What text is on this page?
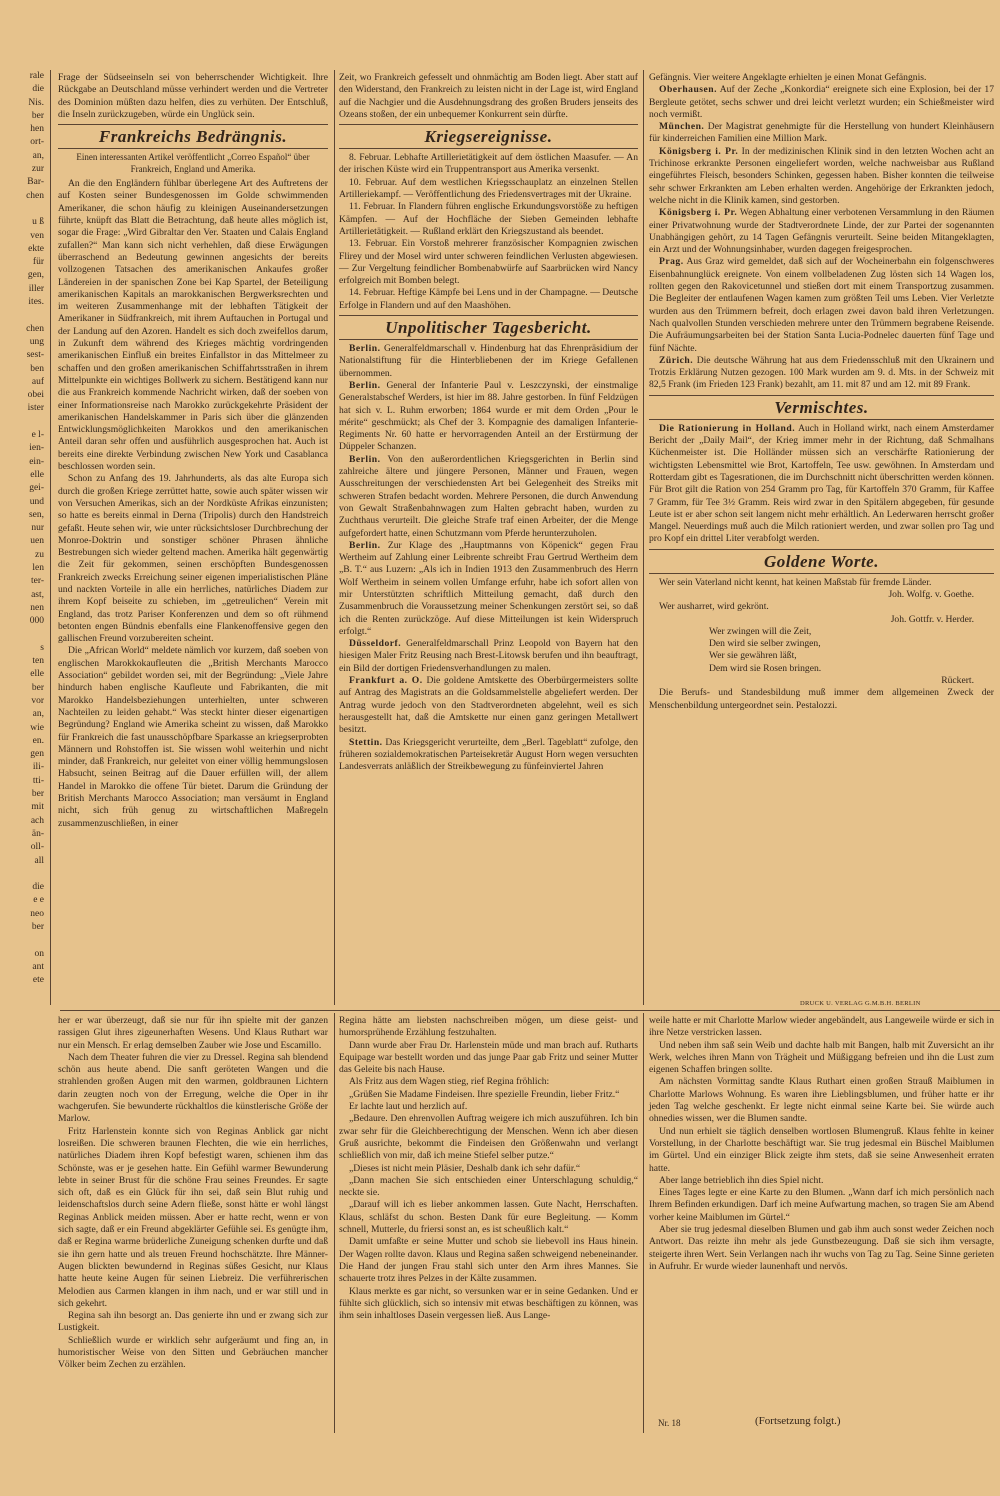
rale
die
Nis.
ber
hen
ort-
an,
zur
Bar-
chen
u ß
ven
ekte
für
gen,
iller
ites.
chen
ung
sest-
ben
auf
obei
ister
e l-
ien-
ein-
elle
gei-
und
sen,
nur
uen
zu
len
ter-
ast,
nen
000
s
ten
elle
ber
vor
an,
wie
en.
gen
ili-
tti-
ber
mit
ach
än-
oll-
all
die
e e
neo
ber
on
ant
ete
DRUCK U. VERLAG G.M.B.H. BERLIN

Frage der Südseeinseln sei von beherrschender Wichtigkeit. Ihre Rückgabe an Deutschland müsse verhindert werden und die Vertreter des Dominion müßten dazu helfen, dies zu verhüten. Der Entschluß, die Inseln zurückzugeben, würde ein Unglück sein.

Frankreichs Bedrängnis.
Einen interessanten Artikel veröffentlicht „Correo Español“ über Frankreich, England und Amerika.

An die den Engländern fühlbar überlegene Art des Auftretens der auf Kosten seiner Bundesgenossen im Golde schwimmenden Amerikaner, die schon häufig zu kleinigen Auseinandersetzungen führte, knüpft das Blatt die Betrachtung, daß heute alles möglich ist, sogar die Frage: „Wird Gibraltar den Ver. Staaten und Calais England zufallen?“ Man kann sich nicht verhehlen, daß diese Erwägungen überraschend an Bedeutung gewinnen angesichts der bereits vollzogenen Tatsachen des amerikanischen Ankaufes großer Ländereien in der spanischen Zone bei Kap Spartel, der Beteiligung amerikanischen Kapitals an marokkanischen Bergwerksrechten und im weiteren Zusammenhange mit der lebhaften Tätigkeit der Amerikaner in Südfrankreich, mit ihrem Auftauchen in Portugal und der Landung auf den Azoren. Handelt es sich doch zweifellos darum, in Zukunft dem während des Krieges mächtig vordringenden amerikanischen Einfluß ein breites Einfallstor in das Mittelmeer zu schaffen und den großen amerikanischen Schiffahrtsstraßen in ihrem Mittelpunkte ein wichtiges Bollwerk zu sichern. Bestätigend kann nur die aus Frankreich kommende Nachricht wirken, daß der soeben von einer Informationsreise nach Marokko zurückgekehrte Präsident der amerikanischen Handelskammer in Paris sich über die glänzenden Entwicklungsmöglichkeiten Marokkos und den amerikanischen Anteil daran sehr offen und ausführlich ausgesprochen hat. Auch ist bereits eine direkte Verbindung zwischen New York und Casablanca beschlossen worden sein.

Schon zu Anfang des 19. Jahrhunderts, als das alte Europa sich durch die großen Kriege zerrüttet hatte, sowie auch später wissen wir von Versuchen Amerikas, sich an der Nordküste Afrikas einzunisten; so hatte es bereits einmal in Derna (Tripolis) durch den Handstreich gefaßt. Heute sehen wir, wie unter rücksichtsloser Durchbrechung der Monroe-Doktrin und sonstiger schöner Phrasen ähnliche Bestrebungen sich wieder geltend machen. Amerika hält gegenwärtig die Zeit für gekommen, seinen erschöpften Bundesgenossen Frankreich zwecks Erreichung seiner eigenen imperialistischen Pläne und nackten Vorteile in alle ein herrliches, natürliches Diadem zur ihrem Kopf beiseite zu schieben, im „getreulichen“ Verein mit England, das trotz Pariser Konferenzen und dem so oft rühmend betonten engen Bündnis ebenfalls eine Flankenoffensive gegen den gallischen Freund vorzubereiten scheint.

Die „African World“ meldete nämlich vor kurzem, daß soeben von englischen Marokkokaufleuten die „British Merchants Marocco Association“ gebildet worden sei, mit der Begründung: „Viele Jahre hindurch haben englische Kaufleute und Fabrikanten, die mit Marokko Handelsbeziehungen unterhielten, unter schweren Nachteilen zu leiden gehabt.“ Was steckt hinter dieser eigenartigen Begründung? England wie Amerika scheint zu wissen, daß Marokko für Frankreich die fast unausschöpfbare Sparkasse an kriegserprobten Männern und Rohstoffen ist. Sie wissen wohl weiterhin und nicht minder, daß Frankreich, nur geleitet von einer völlig hemmungslosen Habsucht, seinen Beitrag auf die Dauer erfüllen will, der allem Handel in Marokko die offene Tür bietet. Darum die Gründung der British Merchants Marocco Association; man versäumt in England nicht, sich früh genug zu wirtschaftlichen Maßregeln zusammenzuschließen, in einer

Zeit, wo Frankreich gefesselt und ohnmächtig am Boden liegt. Aber statt auf den Widerstand, den Frankreich zu leisten nicht in der Lage ist, wird England auf die Nachgier und die Ausdehnungsdrang des großen Bruders jenseits des Ozeans stoßen, der ein unbequemer Konkurrent sein dürfte.

Kriegsereignisse.

8. Februar. Lebhafte Artillerietätigkeit auf dem östlichen Maasufer. — An der irischen Küste wird ein Truppentransport aus Amerika versenkt.

10. Februar. Auf dem westlichen Kriegsschauplatz an einzelnen Stellen Artilleriekampf. — Veröffentlichung des Friedensvertrages mit der Ukraine.

11. Februar. In Flandern führen englische Erkundungsvorstöße zu heftigen Kämpfen. — Auf der Hochfläche der Sieben Gemeinden lebhafte Artillerietätigkeit. — Rußland erklärt den Kriegszustand als beendet.

13. Februar. Ein Vorstoß mehrerer französischer Kompagnien zwischen Flirey und der Mosel wird unter schweren feindlichen Verlusten abgewiesen. — Zur Vergeltung feindlicher Bombenabwürfe auf Saarbrücken wird Nancy erfolgreich mit Bomben belegt.

14. Februar. Heftige Kämpfe bei Lens und in der Champagne. — Deutsche Erfolge in Flandern und auf den Maashöhen.

Unpolitischer Tagesbericht.

Berlin. Generalfeldmarschall v. Hindenburg hat das Ehrenpräsidium der Nationalstiftung für die Hinterbliebenen der im Kriege Gefallenen übernommen.

Berlin. General der Infanterie Paul v. Leszczynski, der einstmalige Generalstabschef Werders, ist hier im 88. Jahre gestorben. In fünf Feldzügen hat sich v. L. Ruhm erworben; 1864 wurde er mit dem Orden „Pour le mérite“ geschmückt; als Chef der 3. Kompagnie des damaligen Infanterie-Regiments Nr. 60 hatte er hervorragenden Anteil an der Erstürmung der Düppeler Schanzen.

Berlin. Von den außerordentlichen Kriegsgerichten in Berlin sind zahlreiche ältere und jüngere Personen, Männer und Frauen, wegen Ausschreitungen der verschiedensten Art bei Gelegenheit des Streiks mit schweren Strafen bedacht worden. Mehrere Personen, die durch Anwendung von Gewalt Straßenbahnwagen zum Halten gebracht haben, wurden zu Zuchthaus verurteilt. Die gleiche Strafe traf einen Arbeiter, der die Menge aufgefordert hatte, einen Schutzmann vom Pferde herunterzuholen.

Berlin. Zur Klage des „Hauptmanns von Köpenick“ gegen Frau Wertheim auf Zahlung einer Leibrente schreibt Frau Gertrud Wertheim dem „B. T.“ aus Luzern: „Als ich in Indien 1913 den Zusammenbruch des Herrn Wolf Wertheim in seinem vollen Umfange erfuhr, habe ich sofort allen von mir Unterstützten schriftlich Mitteilung gemacht, daß durch den Zusammenbruch die Voraussetzung meiner Schenkungen zerstört sei, so daß ich die Renten zurückzöge. Auf diese Mitteilungen ist kein Widerspruch erfolgt.“

Düsseldorf. Generalfeldmarschall Prinz Leopold von Bayern hat den hiesigen Maler Fritz Reusing nach Brest-Litowsk berufen und ihn beauftragt, ein Bild der dortigen Friedensverhandlungen zu malen.

Frankfurt a. O. Die goldene Amtskette des Oberbürgermeisters sollte auf Antrag des Magistrats an die Goldsammelstelle abgeliefert werden. Der Antrag wurde jedoch von den Stadtverordneten abgelehnt, weil es sich herausgestellt hat, daß die Amtskette nur einen ganz geringen Metallwert besitzt.

Stettin. Das Kriegsgericht verurteilte, dem „Berl. Tageblatt“ zufolge, den früheren sozialdemokratischen Parteisekretär August Horn wegen versuchten Landesverrats anläßlich der Streikbewegung zu fünfeinviertel Jahren

Gefängnis. Vier weitere Angeklagte erhielten je einen Monat Gefängnis.

Oberhausen. Auf der Zeche „Konkordia“ ereignete sich eine Explosion, bei der 17 Bergleute getötet, sechs schwer und drei leicht verletzt wurden; ein Schießmeister wird noch vermißt.

München. Der Magistrat genehmigte für die Herstellung von hundert Kleinhäusern für kinderreichen Familien eine Million Mark.

Königsberg i. Pr. In der medizinischen Klinik sind in den letzten Wochen acht an Trichinose erkrankte Personen eingeliefert worden, welche nachweisbar aus Rußland eingeführtes Fleisch, besonders Schinken, gegessen haben. Bisher konnten die teilweise sehr schwer Erkrankten am Leben erhalten werden. Angehörige der Erkrankten jedoch, welche nicht in die Klinik kamen, sind gestorben.

Königsberg i. Pr. Wegen Abhaltung einer verbotenen Versammlung in den Räumen einer Privatwohnung wurde der Stadtverordnete Linde, der zur Partei der sogenannten Unabhängigen gehört, zu 14 Tagen Gefängnis verurteilt. Seine beiden Mitangeklagten, ein Arzt und der Wohnungsinhaber, wurden dagegen freigesprochen.

Prag. Aus Graz wird gemeldet, daß sich auf der Wocheinerbahn ein folgenschweres Eisenbahnunglück ereignete. Von einem vollbeladenen Zug lösten sich 14 Wagen los, rollten gegen den Rakovicetunnel und stießen dort mit einem Transportzug zusammen. Die Begleiter der entlaufenen Wagen kamen zum größten Teil ums Leben. Vier Verletzte wurden aus den Trümmern befreit, doch erlagen zwei davon bald ihren Verletzungen. Nach qualvollen Stunden verschieden mehrere unter den Trümmern begrabene Reisende. Die Aufräumungsarbeiten bei der Station Santa Lucia-Podnelec dauerten fünf Tage und fünf Nächte.

Zürich. Die deutsche Währung hat aus dem Friedensschluß mit den Ukrainern und Trotzis Erklärung Nutzen gezogen. 100 Mark wurden am 9. d. Mts. in der Schweiz mit 82,5 Frank (im Frieden 123 Frank) bezahlt, am 11. mit 87 und am 12. mit 89 Frank.

Vermischtes.

Die Rationierung in Holland. Auch in Holland wirkt, nach einem Amsterdamer Bericht der „Daily Mail“, der Krieg immer mehr in der Richtung, daß Schmalhans Küchenmeister ist. Die Holländer müssen sich an verschärfte Rationierung der wichtigsten Lebensmittel wie Brot, Kartoffeln, Tee usw. gewöhnen. In Amsterdam und Rotterdam gibt es Tagesrationen, die im Durchschnitt nicht überschritten werden können. Für Brot gilt die Ration von 254 Gramm pro Tag, für Kartoffeln 370 Gramm, für Kaffee 7 Gramm, für Tee 3½ Gramm. Reis wird zwar in den Spitälern abgegeben, für gesunde Leute ist er aber schon seit langem nicht mehr erhältlich. An Lederwaren herrscht großer Mangel. Neuerdings muß auch die Milch rationiert werden, und zwar sollen pro Tag und pro Kopf ein drittel Liter verabfolgt werden.

Goldene Worte.

Wer sein Vaterland nicht kennt, hat keinen Maßstab für fremde Länder.

Joh. Wolfg. v. Goethe.

Wer ausharret, wird gekrönt.

Joh. Gottfr. v. Herder.
Wer zwingen will die Zeit,
Den wird sie selber zwingen,
Wer sie gewähren läßt,
Dem wird sie Rosen bringen.
Rückert.

Die Berufs- und Standesbildung muß immer dem allgemeinen Zweck der Menschenbildung untergeordnet sein. Pestalozzi.

her er war überzeugt, daß sie nur für ihn spielte mit der ganzen rassigen Glut ihres zigeunerhaften Wesens. Und Klaus Ruthart war nur ein Mensch. Er erlag demselben Zauber wie Jose und Escamillo.

Nach dem Theater fuhren die vier zu Dressel. Regina sah blendend schön aus heute abend. Die sanft geröteten Wangen und die strahlenden großen Augen mit den warmen, goldbraunen Lichtern darin zeugten noch von der Erregung, welche die Oper in ihr wachgerufen. Sie bewunderte rückhaltlos die künstlerische Größe der Marlow.

Fritz Harlenstein konnte sich von Reginas Anblick gar nicht losreißen. Die schweren braunen Flechten, die wie ein herrliches, natürliches Diadem ihren Kopf befestigt waren, schienen ihm das Schönste, was er je gesehen hatte. Ein Gefühl warmer Bewunderung lebte in seiner Brust für die schöne Frau seines Freundes. Er sagte sich oft, daß es ein Glück für ihn sei, daß sein Blut ruhig und leidenschaftslos durch seine Adern fließe, sonst hätte er wohl längst Reginas Anblick meiden müssen. Aber er hatte recht, wenn er von sich sagte, daß er ein Freund abgeklärter Gefühle sei. Es genügte ihm, daß er Regina warme brüderliche Zuneigung schenken durfte und daß sie ihn gern hatte und als treuen Freund hochschätzte. Ihre Männer-Augen blickten bewundernd in Reginas süßes Gesicht, nur Klaus hatte heute keine Augen für seinen Liebreiz. Die verführerischen Melodien aus Carmen klangen in ihm nach, und er war still und in sich gekehrt.

Regina sah ihn besorgt an. Das genierte ihn und er zwang sich zur Lustigkeit.

Schließlich wurde er wirklich sehr aufgeräumt und fing an, in humoristischer Weise von den Sitten und Gebräuchen mancher Völker beim Zechen zu erzählen.

Regina hätte am liebsten nachschreiben mögen, um diese geist- und humorsprühende Erzählung festzuhalten.

Dann wurde aber Frau Dr. Harlenstein müde und man brach auf. Rutharts Equipage war bestellt worden und das junge Paar gab Fritz und seiner Mutter das Geleite bis nach Hause.

Als Fritz aus dem Wagen stieg, rief Regina fröhlich:

„Grüßen Sie Madame Findeisen. Ihre spezielle Freundin, lieber Fritz.“

Er lachte laut und herzlich auf.

„Bedaure. Den ehrenvollen Auftrag weigere ich mich auszuführen. Ich bin zwar sehr für die Gleichberechtigung der Menschen. Wenn ich aber diesen Gruß ausrichte, bekommt die Findeisen den Größenwahn und verlangt schließlich von mir, daß ich meine Stiefel selber putze.“

„Dieses ist nicht mein Pläsier, Deshalb dank ich sehr dafür.“

„Dann machen Sie sich entschieden einer Unterschlagung schuldig,“ neckte sie.

„Darauf will ich es lieber ankommen lassen. Gute Nacht, Herrschaften. Klaus, schläfst du schon. Besten Dank für eure Begleitung. — Komm schnell, Mutterle, du friersi sonst an, es ist scheußlich kalt.“

Damit umfaßte er seine Mutter und schob sie liebevoll ins Haus hinein. Der Wagen rollte davon. Klaus und Regina saßen schweigend nebeneinander. Die Hand der jungen Frau stahl sich unter den Arm ihres Mannes. Sie schauerte trotz ihres Pelzes in der Kälte zusammen.

Klaus merkte es gar nicht, so versunken war er in seine Gedanken. Und er fühlte sich glücklich, sich so intensiv mit etwas beschäftigen zu können, was ihm sein inhaltloses Dasein vergessen ließ. Aus Lange-

weile hatte er mit Charlotte Marlow wieder angebändelt, aus Langeweile würde er sich in ihre Netze verstricken lassen.

Und neben ihm saß sein Weib und dachte halb mit Bangen, halb mit Zuversicht an ihr Werk, welches ihren Mann von Trägheit und Müßiggang befreien und ihn die Lust zum eigenen Schaffen bringen sollte.

Am nächsten Vormittag sandte Klaus Ruthart einen großen Strauß Maiblumen in Charlotte Marlows Wohnung. Es waren ihre Lieblingsblumen, und früher hatte er ihr jeden Tag welche geschenkt. Er legte nicht einmal seine Karte bei. Sie würde auch ohnedies wissen, wer die Blumen sandte.

Und nun erhielt sie täglich denselben wortlosen Blumengruß. Klaus fehlte in keiner Vorstellung, in der Charlotte beschäftigt war. Sie trug jedesmal ein Büschel Maiblumen im Gürtel. Und ein einziger Blick zeigte ihm stets, daß sie seine Anwesenheit erraten hatte.

Aber lange betrieblich ihn dies Spiel nicht.

Eines Tages legte er eine Karte zu den Blumen. „Wann darf ich mich persönlich nach Ihrem Befinden erkundigen. Darf ich meine Aufwartung machen, so tragen Sie am Abend vorher keine Maiblumen im Gürtel.“

Aber sie trug jedesmal dieselben Blumen und gab ihm auch sonst weder Zeichen noch Antwort. Das reizte ihn mehr als jede Gunstbezeugung. Daß sie sich ihm versagte, steigerte ihren Wert. Sein Verlangen nach ihr wuchs von Tag zu Tag. Seine Sinne gerieten in Aufruhr. Er wurde wieder launenhaft und nervös.

Nr. 18	(Fortsetzung folgt.)
